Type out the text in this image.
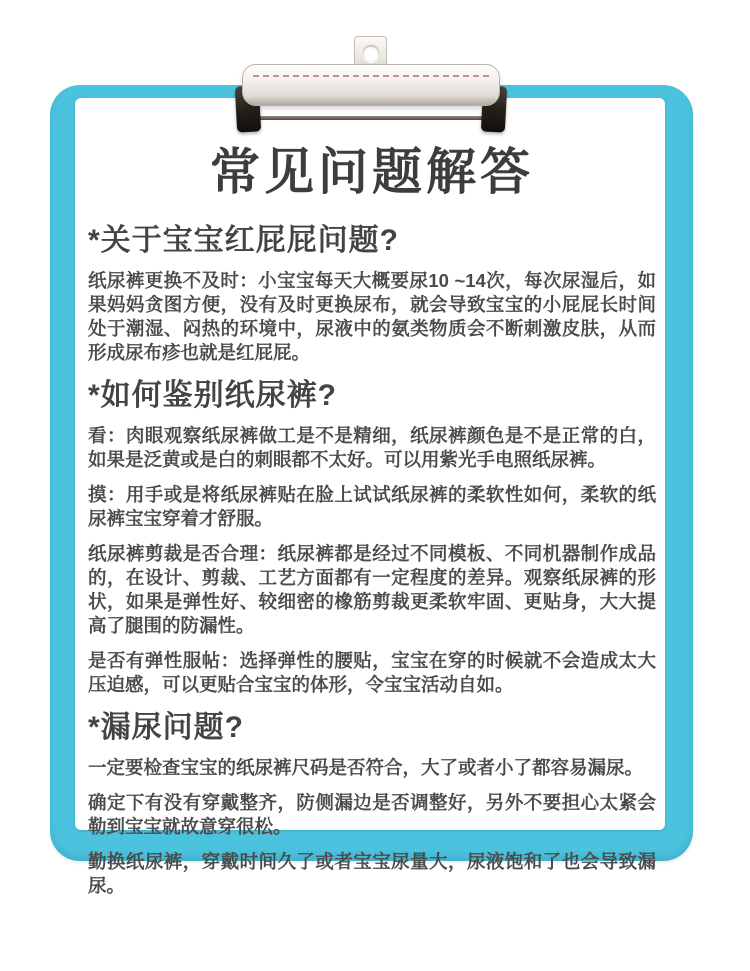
常见问题解答
*关于宝宝红屁屁问题?

纸尿裤更换不及时：小宝宝每天大概要尿10 ~14次，每次尿湿后，如果妈妈贪图方便，没有及时更换尿布，就会导致宝宝的小屁屁长时间处于潮湿、闷热的环境中，尿液中的氨类物质会不断刺激皮肤，从而形成尿布疹也就是红屁屁。

*如何鉴别纸尿裤?

看：肉眼观察纸尿裤做工是不是精细，纸尿裤颜色是不是正常的白，如果是泛黄或是白的刺眼都不太好。可以用紫光手电照纸尿裤。

摸：用手或是将纸尿裤贴在脸上试试纸尿裤的柔软性如何，柔软的纸尿裤宝宝穿着才舒服。

纸尿裤剪裁是否合理：纸尿裤都是经过不同模板、不同机器制作成品的，在设计、剪裁、工艺方面都有一定程度的差异。观察纸尿裤的形状，如果是弹性好、较细密的橡筋剪裁更柔软牢固、更贴身，大大提高了腿围的防漏性。

是否有弹性服帖：选择弹性的腰贴，宝宝在穿的时候就不会造成太大压迫感，可以更贴合宝宝的体形，令宝宝活动自如。

*漏尿问题?

一定要检查宝宝的纸尿裤尺码是否符合，大了或者小了都容易漏尿。

确定下有没有穿戴整齐，防侧漏边是否调整好，另外不要担心太紧会勒到宝宝就故意穿很松。

勤换纸尿裤，穿戴时间久了或者宝宝尿量大，尿液饱和了也会导致漏尿。
